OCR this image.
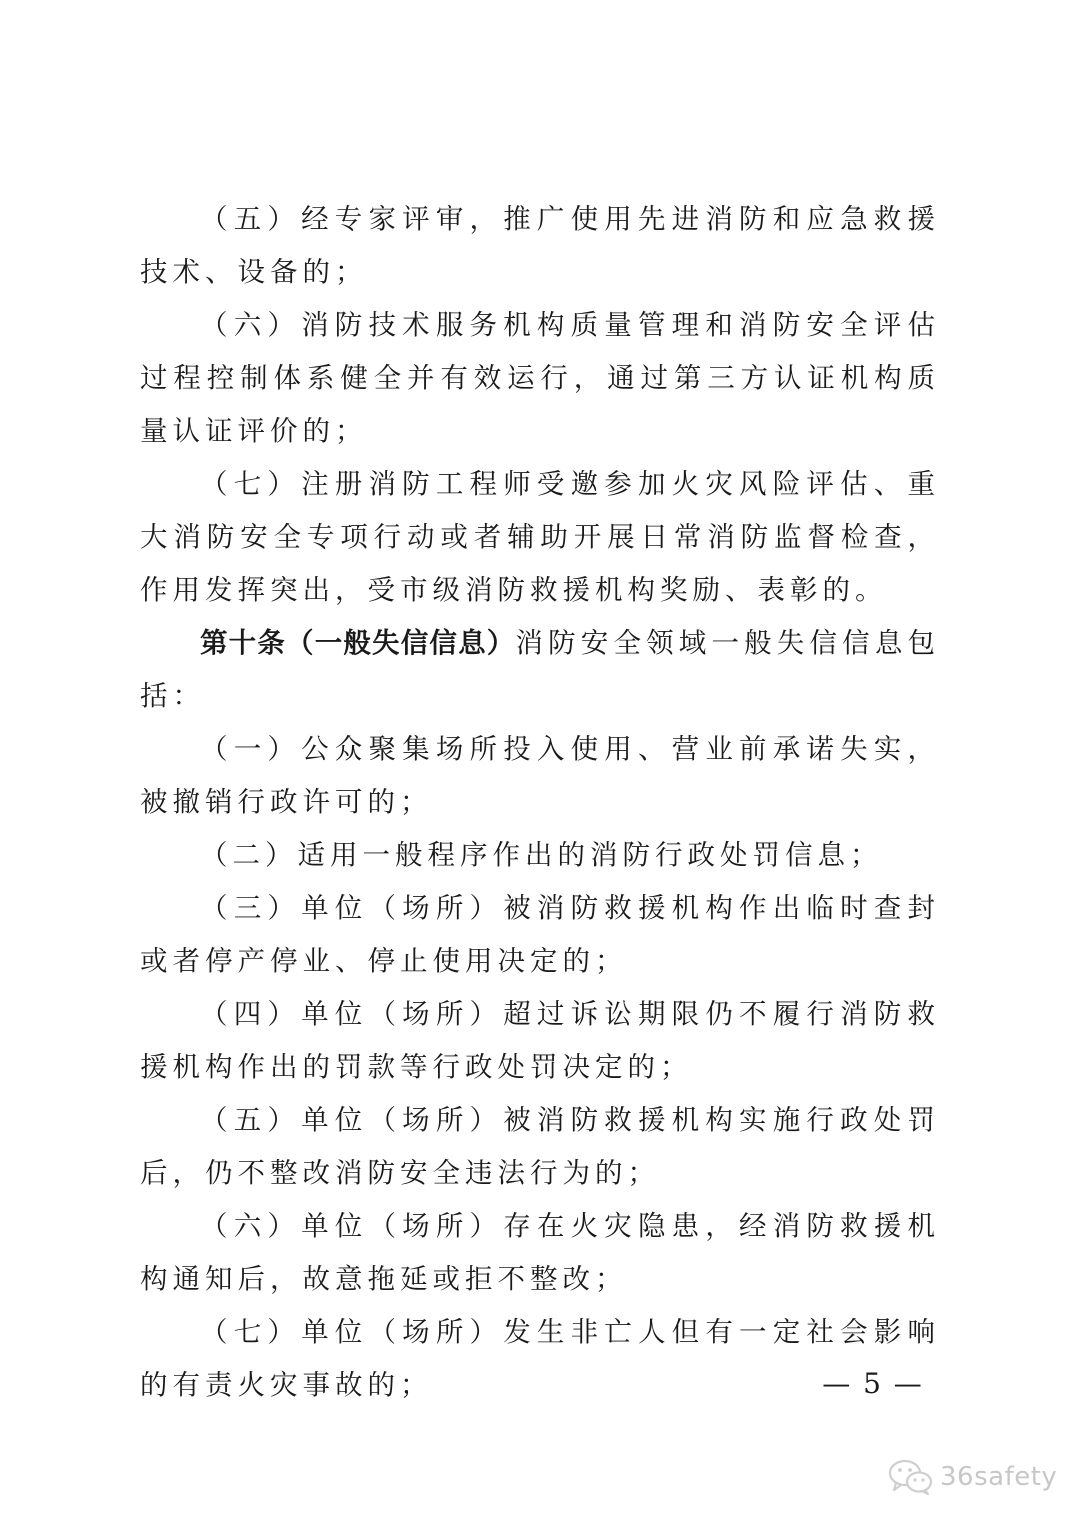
（五）经专家评审，推广使用先进消防和应急救援技术、设备的；

（六）消防技术服务机构质量管理和消防安全评估过程控制体系健全并有效运行，通过第三方认证机构质量认证评价的；

（七）注册消防工程师受邀参加火灾风险评估、重大消防安全专项行动或者辅助开展日常消防监督检查，作用发挥突出，受市级消防救援机构奖励、表彰的。

第十条（一般失信信息）消防安全领域一般失信信息包括：

（一）公众聚集场所投入使用、营业前承诺失实，被撤销行政许可的；

（二）适用一般程序作出的消防行政处罚信息；

（三）单位（场所）被消防救援机构作出临时查封或者停产停业、停止使用决定的；

（四）单位（场所）超过诉讼期限仍不履行消防救援机构作出的罚款等行政处罚决定的；

（五）单位（场所）被消防救援机构实施行政处罚后，仍不整改消防安全违法行为的；

（六）单位（场所）存在火灾隐患，经消防救援机构通知后，故意拖延或拒不整改；

（七）单位（场所）发生非亡人但有一定社会影响的有责火灾事故的；	— 5 —
36safety
